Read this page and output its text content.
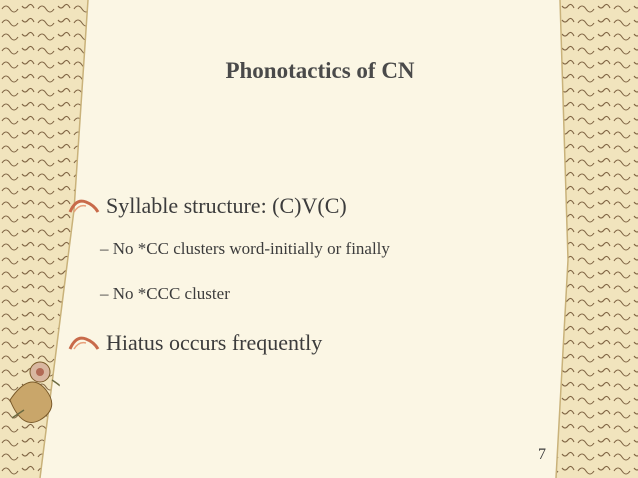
Phonotactics of CN
Syllable structure: (C)V(C)
– No *CC clusters word-initially or finally
– No *CCC cluster
Hiatus occurs frequently
7
